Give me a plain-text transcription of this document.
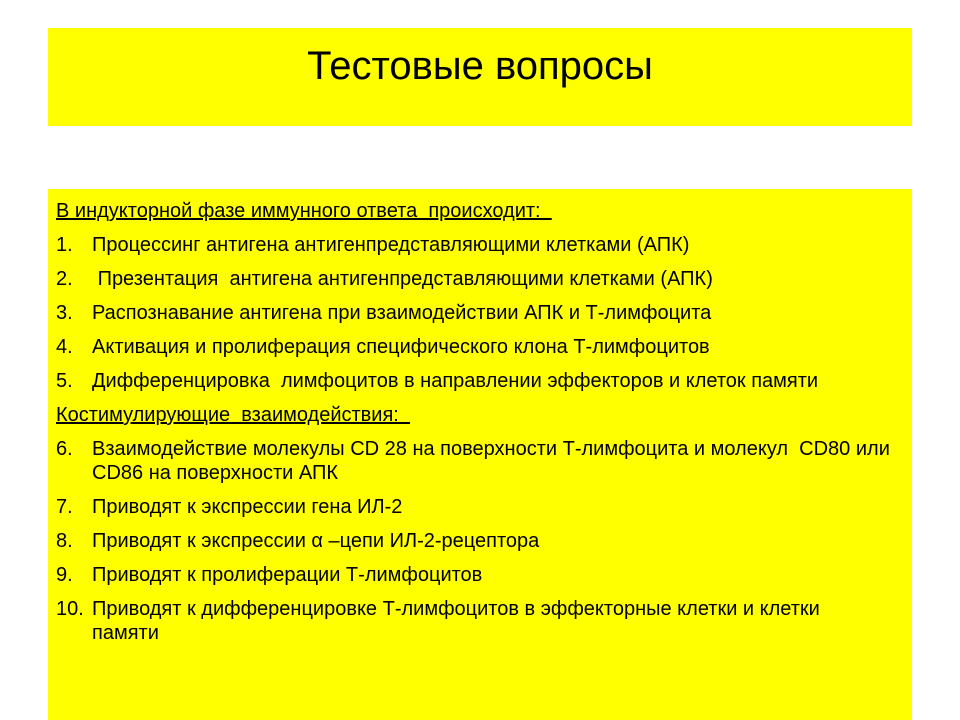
Тестовые вопросы
В индукторной фазе иммунного ответа  происходит:
1. Процессинг антигена антигенпредставляющими клетками (АПК)
2. Презентация  антигена антигенпредставляющими клетками (АПК)
3. Распознавание антигена при взаимодействии АПК и Т-лимфоцита
4. Активация и пролиферация специфического клона Т-лимфоцитов
5. Дифференцировка  лимфоцитов в направлении эффекторов и клеток памяти
Костимулирующие  взаимодействия:
6. Взаимодействие молекулы CD 28 на поверхности Т-лимфоцита и молекул  CD80 или  CD86 на поверхности АПК
7. Приводят к экспрессии гена ИЛ-2
8. Приводят к экспрессии α –цепи ИЛ-2-рецептора
9. Приводят к пролиферации Т-лимфоцитов
10. Приводят к дифференцировке Т-лимфоцитов в эффекторные клетки и клетки памяти
